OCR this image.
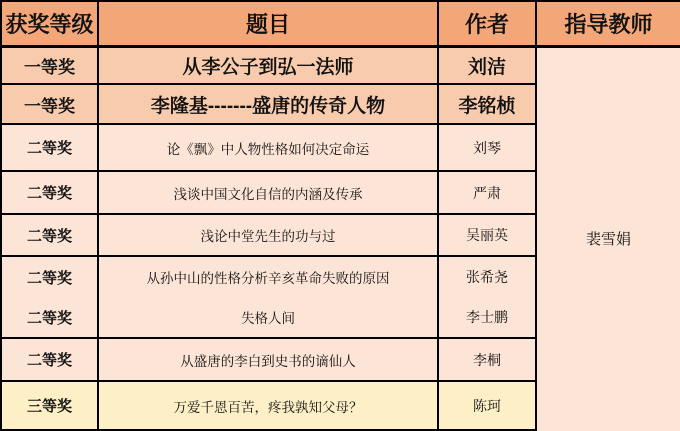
获奖等级	题目	作者	指导教师
一等奖	从李公子到弘一法师	刘洁	裴雪娟
一等奖	李隆基-------盛唐的传奇人物	李铭桢	
二等奖	论《飘》中人物性格如何决定命运	刘琴	
二等奖	浅谈中国文化自信的内涵及传承	严肃	
二等奖	浅论中堂先生的功与过	吴丽英	
二等奖	从孙中山的性格分析辛亥革命失败的原因	张希尧	
二等奖	失格人间	李士鹏	
二等奖	从盛唐的李白到史书的谪仙人	李桐	
三等奖	万爱千恩百苦，疼我孰知父母？	陈珂	
